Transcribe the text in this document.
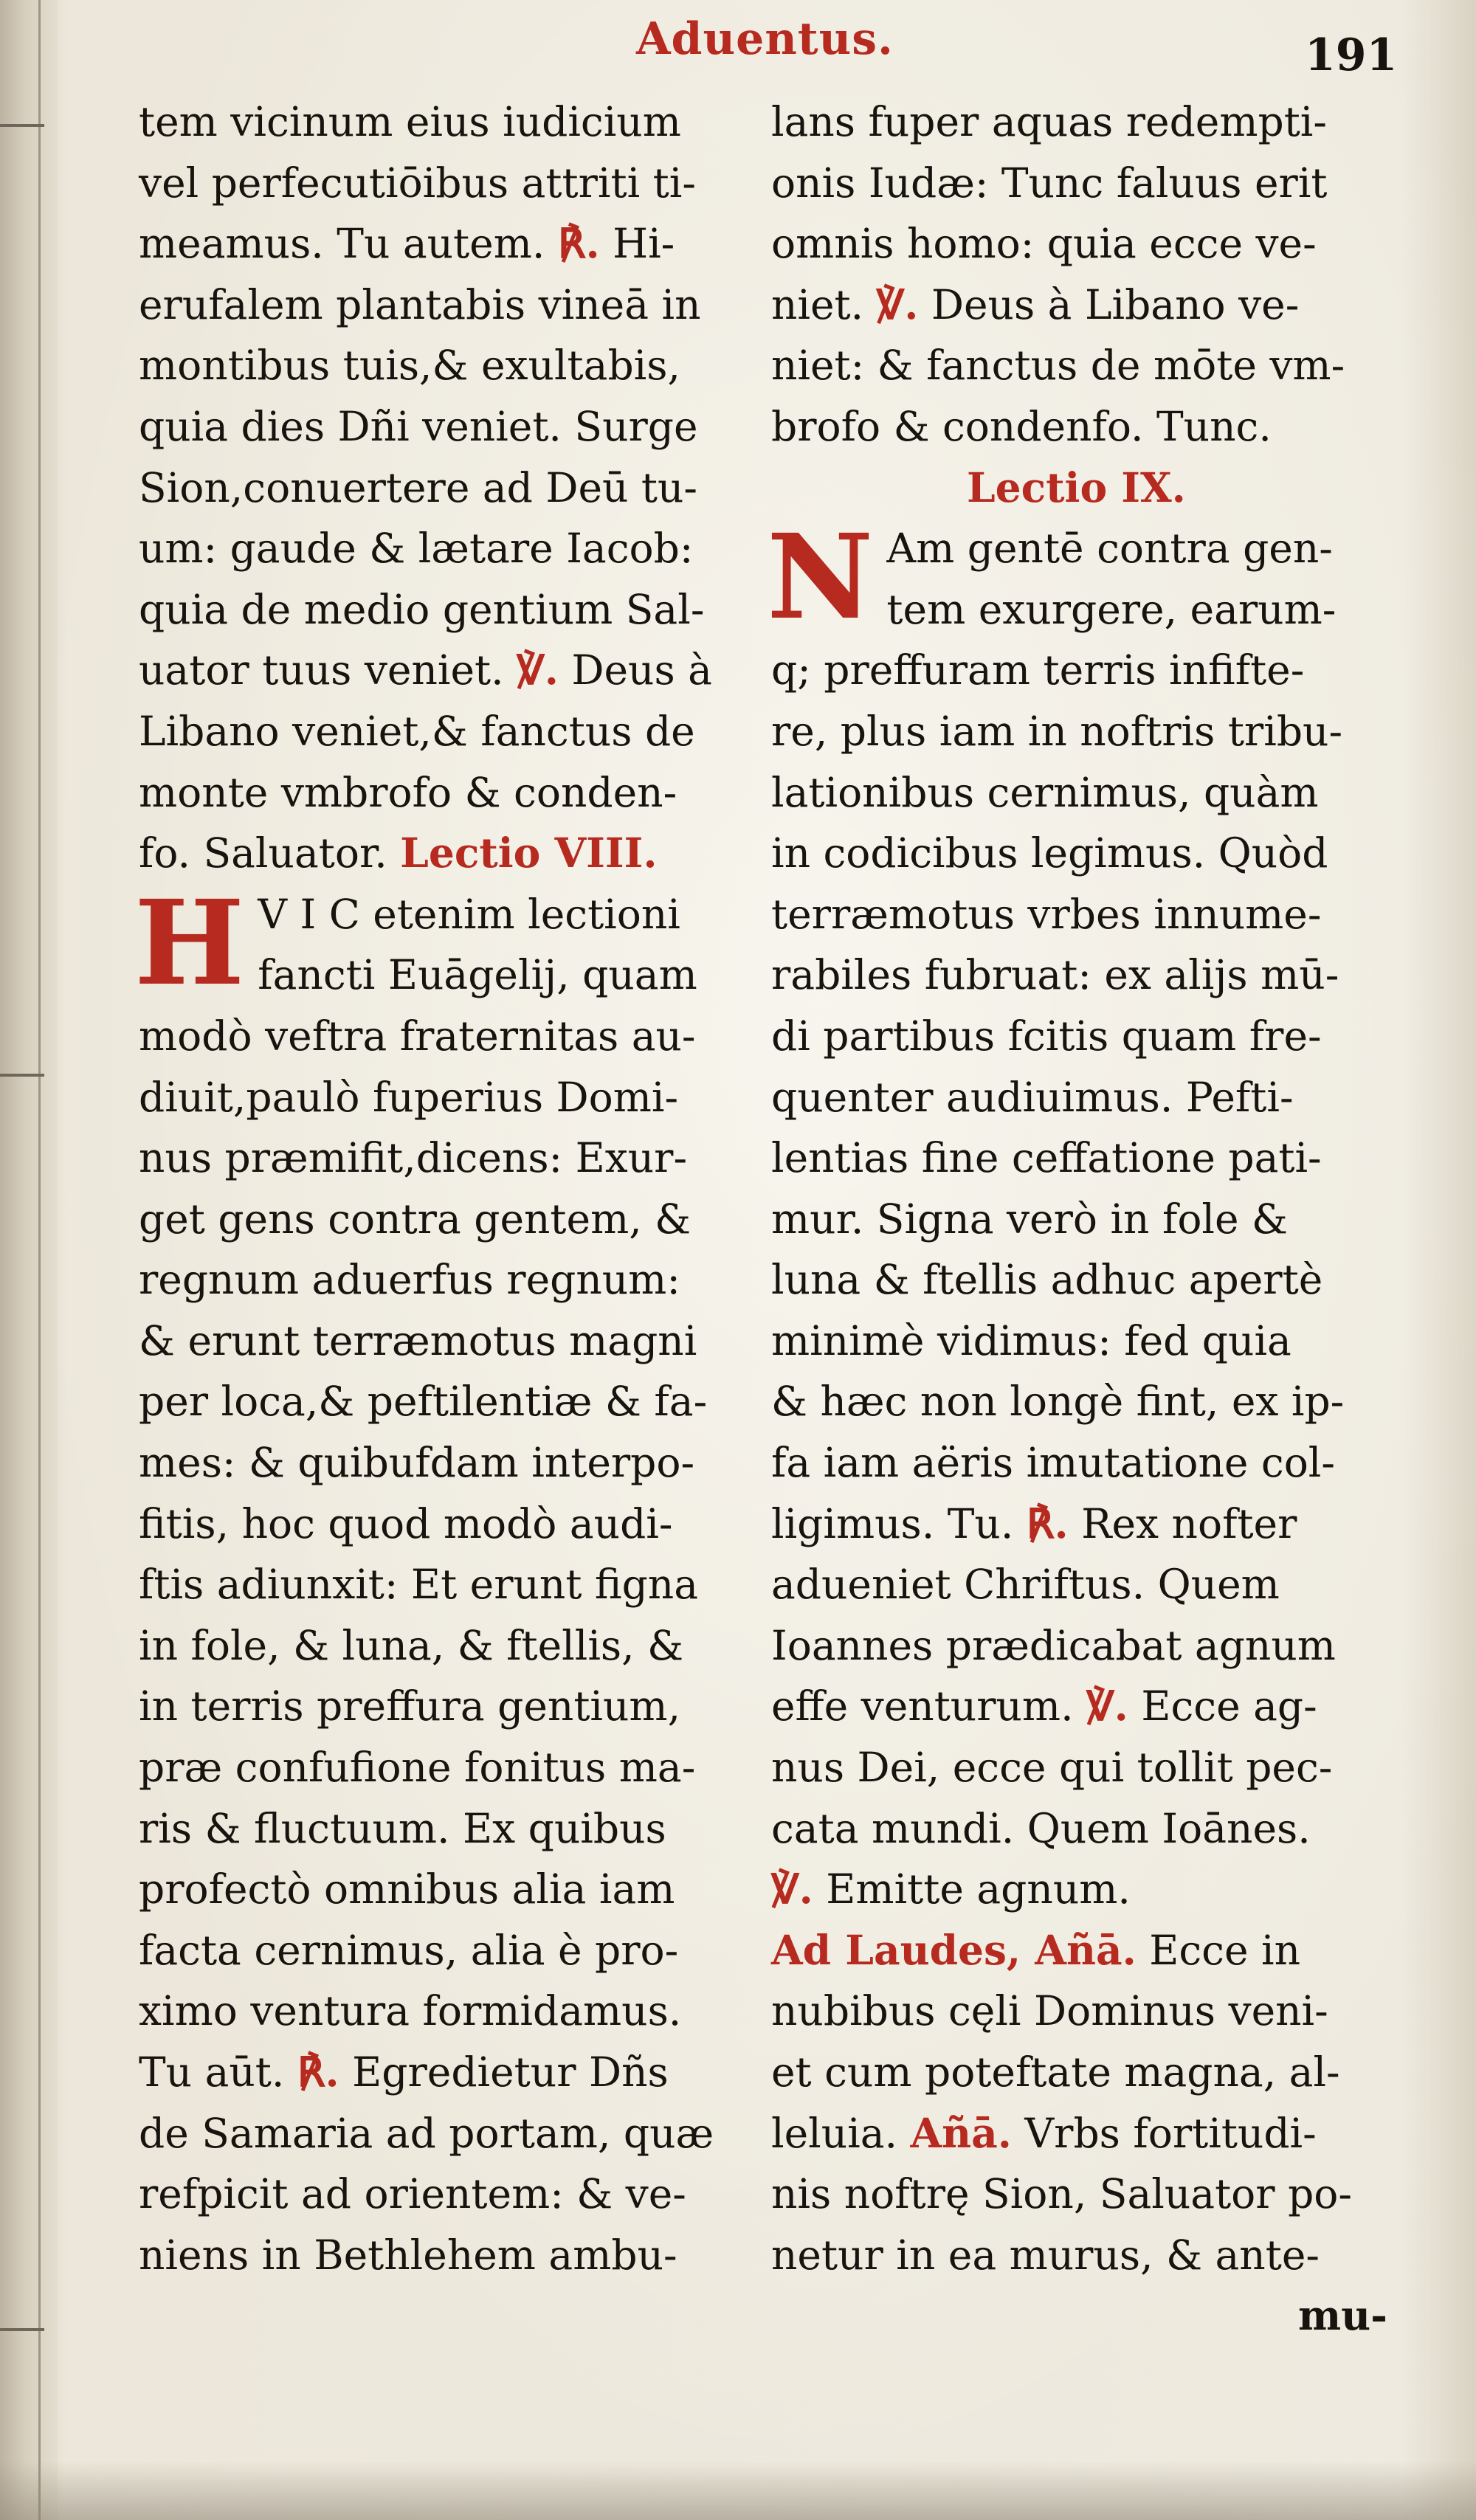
Aduentus.	191
tem vicinum eius iudicium
vel perfecutiōibus attriti ti-
meamus. Tu autem. ℟. Hi-
erufalem plantabis vineā in
montibus tuis,& exultabis,
quia dies Dñi veniet. Surge
Sion,conuertere ad Deū tu-
um: gaude & lætare Iacob:
quia de medio gentium Sal-
uator tuus veniet. ℣. Deus à
Libano veniet,& fanctus de
monte vmbrofo & conden-
fo. Saluator. Lectio VIII.
H V I C etenim lectioni
fancti Euāgelij, quam
modò veftra fraternitas au-
diuit,paulò fuperius Domi-
nus præmifit,dicens: Exur-
get gens contra gentem, &
regnum aduerfus regnum:
& erunt terræmotus magni
per loca,& peftilentiæ & fa-
mes: & quibufdam interpo-
fitis, hoc quod modò audi-
ftis adiunxit: Et erunt figna
in fole, & luna, & ftellis, &
in terris preffura gentium,
præ confufione fonitus ma-
ris & fluctuum. Ex quibus
profectò omnibus alia iam
facta cernimus, alia è pro-
ximo ventura formidamus.
Tu aūt. ℟. Egredietur Dñs
de Samaria ad portam, quæ
refpicit ad orientem: & ve-
niens in Bethlehem ambu-
lans fuper aquas redempti-
onis Iudæ: Tunc faluus erit
omnis homo: quia ecce ve-
niet. ℣. Deus à Libano ve-
niet: & fanctus de mōte vm-
brofo & condenfo. Tunc.
Lectio IX.
N Am gentē contra gen-
tem exurgere, earum-
q; preffuram terris infifte-
re, plus iam in noftris tribu-
lationibus cernimus, quàm
in codicibus legimus. Quòd
terræmotus vrbes innume-
rabiles fubruat: ex alijs mū-
di partibus fcitis quam fre-
quenter audiuimus. Pefti-
lentias fine ceffatione pati-
mur. Signa verò in fole &
luna & ftellis adhuc apertè
minimè vidimus: fed quia
& hæc non longè fint, ex ip-
fa iam aëris imutatione col-
ligimus. Tu. ℟. Rex nofter
adueniet Chriftus. Quem
Ioannes prædicabat agnum
effe venturum. ℣. Ecce ag-
nus Dei, ecce qui tollit pec-
cata mundi. Quem Ioānes.
℣. Emitte agnum.
Ad Laudes, Añā. Ecce in
nubibus cęli Dominus veni-
et cum poteftate magna, al-
leluia. Añā. Vrbs fortitudi-
nis noftrę Sion, Saluator po-
netur in ea murus, & ante-
mu-
